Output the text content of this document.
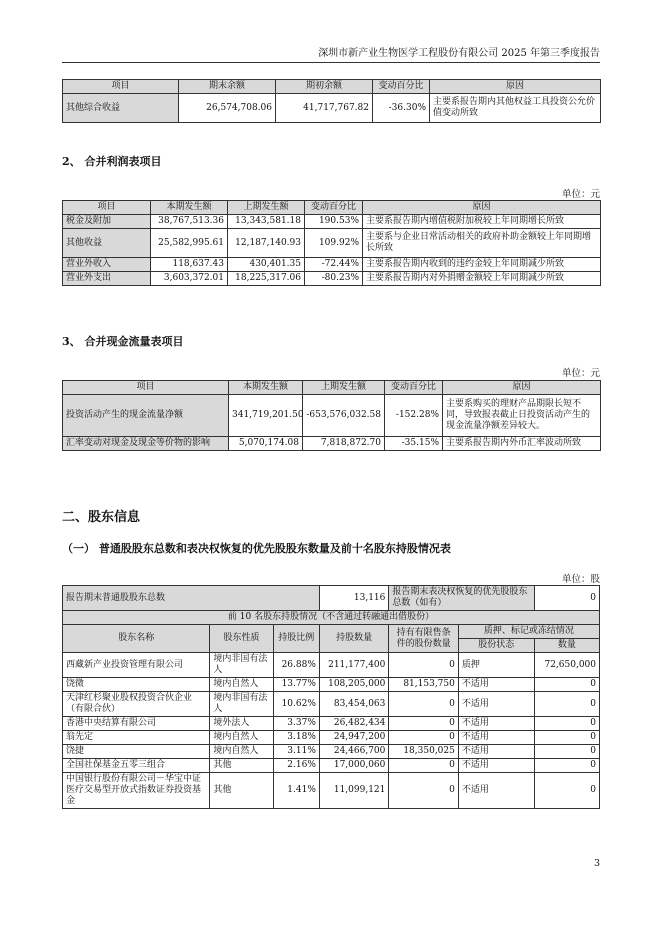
深圳市新产业生物医学工程股份有限公司 2025 年第三季度报告
项目	期末余额	期初余额	变动百分比	原因
其他综合收益	26,574,708.06	41,717,767.82	-36.30%	主要系报告期内其他权益工具投资公允价值变动所致
2、 合并利润表项目
单位：元
项目	本期发生额	上期发生额	变动百分比	原因
税金及附加	38,767,513.36	13,343,581.18	190.53%	主要系报告期内增值税附加税较上年同期增长所致
其他收益	25,582,995.61	12,187,140.93	109.92%	主要系与企业日常活动相关的政府补助金额较上年同期增长所致
营业外收入	118,637.43	430,401.35	-72.44%	主要系报告期内收到的违约金较上年同期减少所致
营业外支出	3,603,372.01	18,225,317.06	-80.23%	主要系报告期内对外捐赠金额较上年同期减少所致
3、 合并现金流量表项目
单位：元
项目	本期发生额	上期发生额	变动百分比	原因
投资活动产生的现金流量净额	341,719,201.50	-653,576,032.58	-152.28%	主要系购买的理财产品期限长短不同，导致报表截止日投资活动产生的现金流量净额差异较大。
汇率变动对现金及现金等价物的影响	5,070,174.08	7,818,872.70	-35.15%	主要系报告期内外币汇率波动所致
二、股东信息
（一） 普通股股东总数和表决权恢复的优先股股东数量及前十名股东持股情况表
单位：股
报告期末普通股股东总数			13,116	报告期末表决权恢复的优先股股东总数（如有）		0
前 10 名股东持股情况（不含通过转融通出借股份）						
股东名称	股东性质	持股比例	持股数量	持有有限售条件的股份数量	质押、标记或冻结情况	
					股份状态	数量
西藏新产业投资管理有限公司	境内非国有法人	26.88%	211,177,400	0	质押	72,650,000
饶微	境内自然人	13.77%	108,205,000	81,153,750	不适用	0
天津红杉聚业股权投资合伙企业（有限合伙）	境内非国有法人	10.62%	83,454,063	0	不适用	0
香港中央结算有限公司	境外法人	3.37%	26,482,434	0	不适用	0
翁先定	境内自然人	3.18%	24,947,200	0	不适用	0
饶捷	境内自然人	3.11%	24,466,700	18,350,025	不适用	0
全国社保基金五零三组合	其他	2.16%	17,000,060	0	不适用	0
中国银行股份有限公司－华宝中证医疗交易型开放式指数证券投资基金	其他	1.41%	11,099,121	0	不适用	0
3
